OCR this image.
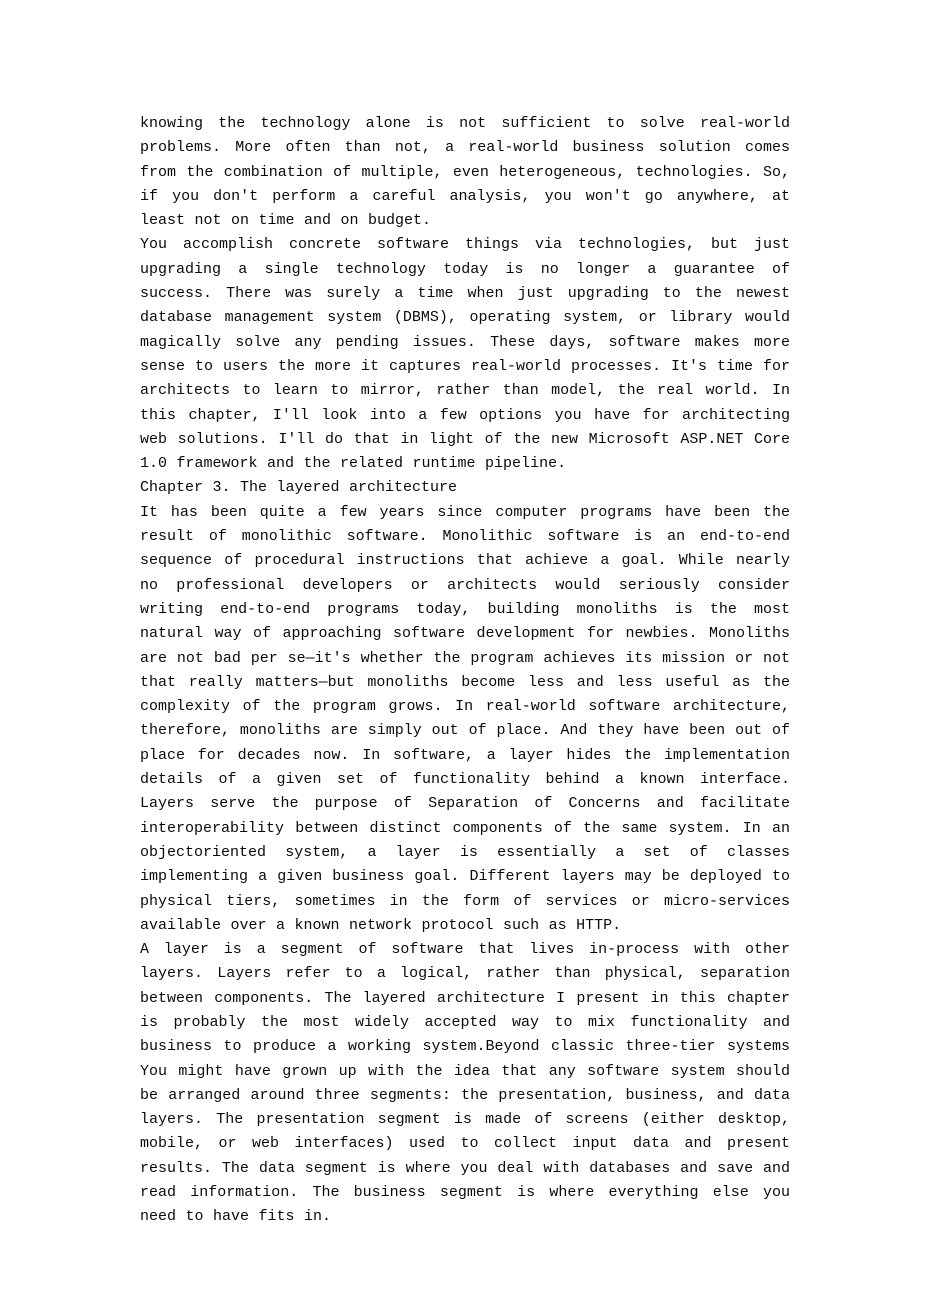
knowing the technology alone is not sufficient to solve real-world problems. More often than not, a real-world business solution comes from the combination of multiple, even heterogeneous, technologies. So, if you don't perform a careful analysis, you won't go anywhere, at least not on time and on budget.

You accomplish concrete software things via technologies, but just upgrading a single technology today is no longer a guarantee of success. There was surely a time when just upgrading to the newest database management system (DBMS), operating system, or library would magically solve any pending issues. These days, software makes more sense to users the more it captures real-world processes. It's time for architects to learn to mirror, rather than model, the real world. In this chapter, I'll look into a few options you have for architecting web solutions. I'll do that in light of the new Microsoft ASP.NET Core 1.0 framework and the related runtime pipeline.

Chapter 3. The layered architecture

It has been quite a few years since computer programs have been the result of monolithic software. Monolithic software is an end-to-end sequence of procedural instructions that achieve a goal. While nearly no professional developers or architects would seriously consider writing end-to-end programs today, building monoliths is the most natural way of approaching software development for newbies. Monoliths are not bad per se—it's whether the program achieves its mission or not that really matters—but monoliths become less and less useful as the complexity of the program grows. In real-world software architecture, therefore, monoliths are simply out of place. And they have been out of place for decades now. In software, a layer hides the implementation details of a given set of functionality behind a known interface. Layers serve the purpose of Separation of Concerns and facilitate interoperability between distinct components of the same system. In an objectoriented system, a layer is essentially a set of classes implementing a given business goal. Different layers may be deployed to physical tiers, sometimes in the form of services or micro-services available over a known network protocol such as HTTP.

A layer is a segment of software that lives in-process with other layers. Layers refer to a logical, rather than physical, separation between components. The layered architecture I present in this chapter is probably the most widely accepted way to mix functionality and business to produce a working system.Beyond classic three-tier systems You might have grown up with the idea that any software system should be arranged around three segments: the presentation, business, and data layers. The presentation segment is made of screens (either desktop, mobile, or web interfaces) used to collect input data and present results. The data segment is where you deal with databases and save and read information. The business segment is where everything else you need to have fits in.
